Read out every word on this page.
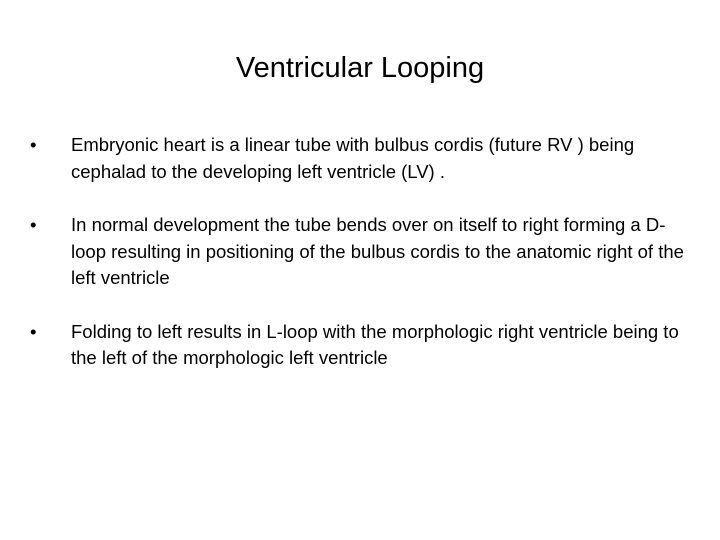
Ventricular Looping
•	Embryonic heart is a linear tube with bulbus cordis (future RV ) being cephalad to the developing left ventricle (LV) .
•	In normal development the tube bends over on itself to right forming a D-loop resulting in positioning of the bulbus cordis to the anatomic right of the left ventricle
•	Folding to left results in L-loop with the morphologic right ventricle being to the left of the morphologic left ventricle
